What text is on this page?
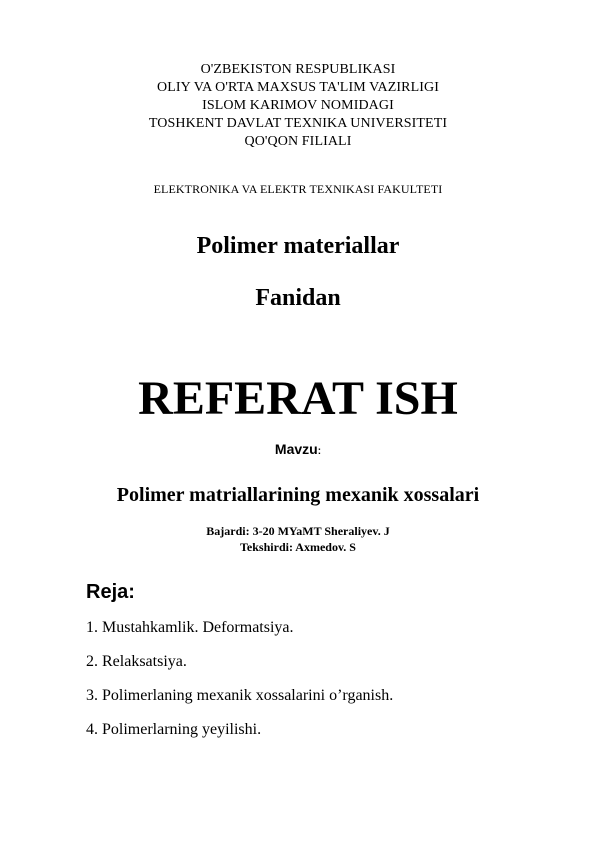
O'ZBEKISTON RESPUBLIKASI
OLIY VA O'RTA MAXSUS TA'LIM VAZIRLIGI
ISLOM KARIMOV NOMIDAGI
TOSHKENT DAVLAT TEXNIKA UNIVERSITETI
QO'QON FILIALI
ELEKTRONIKA VA ELEKTR TEXNIKASI FAKULTETI
Polimer materiallar
Fanidan
REFERAT ISH
Mavzu:
Polimer matriallarining mexanik xossalari
Bajardi: 3-20 MYaMT Sheraliyev. J
Tekshirdi: Axmedov. S
Reja:
1. Mustahkamlik. Deformatsiya.
2. Relaksatsiya.
3. Polimerlaning mexanik xossalarini o’rganish.
4. Polimerlarning yeyilishi.
